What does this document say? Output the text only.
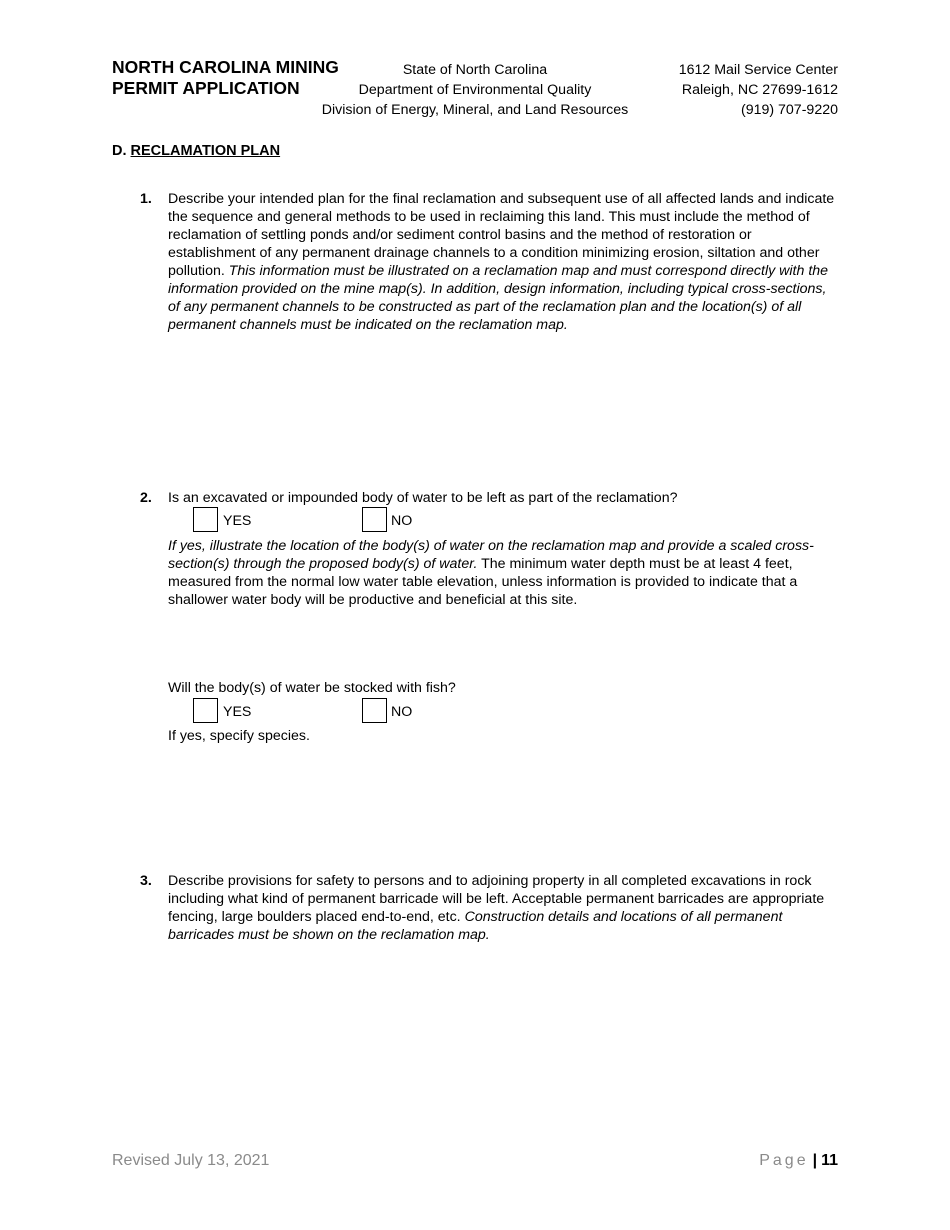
NORTH CAROLINA MINING
PERMIT APPLICATION
State of North Carolina
Department of Environmental Quality
Division of Energy, Mineral, and Land Resources
1612 Mail Service Center
Raleigh, NC 27699-1612
(919) 707-9220
D. RECLAMATION PLAN
1. Describe your intended plan for the final reclamation and subsequent use of all affected lands and indicate the sequence and general methods to be used in reclaiming this land. This must include the method of reclamation of settling ponds and/or sediment control basins and the method of restoration or establishment of any permanent drainage channels to a condition minimizing erosion, siltation and other pollution. This information must be illustrated on a reclamation map and must correspond directly with the information provided on the mine map(s). In addition, design information, including typical cross-sections, of any permanent channels to be constructed as part of the reclamation plan and the location(s) of all permanent channels must be indicated on the reclamation map.
2. Is an excavated or impounded body of water to be left as part of the reclamation?
YES	NO
If yes, illustrate the location of the body(s) of water on the reclamation map and provide a scaled cross-section(s) through the proposed body(s) of water. The minimum water depth must be at least 4 feet, measured from the normal low water table elevation, unless information is provided to indicate that a shallower water body will be productive and beneficial at this site.
Will the body(s) of water be stocked with fish?
YES	NO
If yes, specify species.
3. Describe provisions for safety to persons and to adjoining property in all completed excavations in rock including what kind of permanent barricade will be left. Acceptable permanent barricades are appropriate fencing, large boulders placed end-to-end, etc. Construction details and locations of all permanent barricades must be shown on the reclamation map.
Revised July 13, 2021	Page | 11
